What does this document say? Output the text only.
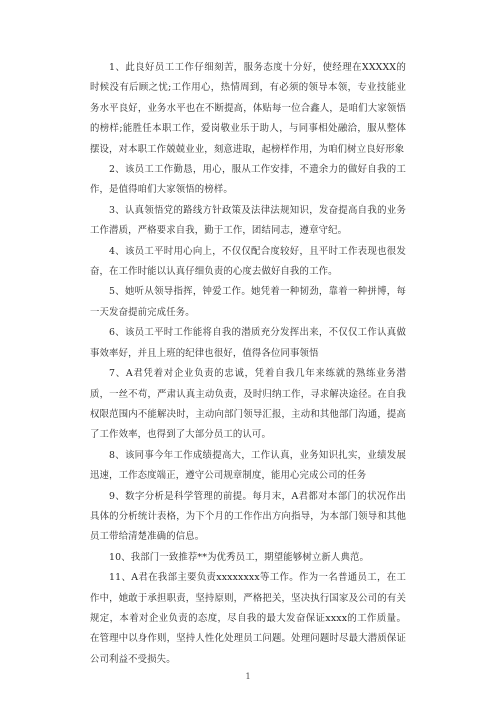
1、此良好员工工作仔细刻苦，服务态度十分好，使经理在XXXXX的时候没有后顾之忧;工作用心，热情周到，有必须的领导本领，专业技能业务水平良好，业务水平也在不断提高，体贴每一位合鑫人，是咱们大家领悟的榜样;能胜任本职工作，爱岗敬业乐于助人，与同事相处融洽，服从整体摆设，对本职工作兢兢业业，刻意进取，起榜样作用，为咱们树立良好形象

2、该员工工作勤恳，用心，服从工作安排，不遗余力的做好自我的工作，是值得咱们大家领悟的榜样。

3、认真领悟党的路线方针政策及法律法规知识，发奋提高自我的业务工作潜质，严格要求自我，勤于工作，团结同志，遵章守纪。

4、该员工平时用心向上，不仅仅配合度较好，且平时工作表现也很发奋，在工作时能以认真仔细负责的心度去做好自我的工作。

5、她听从领导指挥，钟爱工作。她凭着一种韧劲，靠着一种拼博，每一天发奋提前完成任务。

6、该员工平时工作能将自我的潜质充分发挥出来，不仅仅工作认真做事效率好，并且上班的纪律也很好，值得各位同事领悟

7、A君凭着对企业负责的忠诚，凭着自我几年来练就的熟练业务潜质，一丝不苟，严肃认真主动负责，及时归纳工作，寻求解决途径。在自我权限范围内不能解决时，主动向部门领导汇报，主动和其他部门沟通，提高了工作效率，也得到了大部分员工的认可。

8、该同事今年工作成绩提高大，工作认真，业务知识扎实，业绩发展迅速，工作态度端正，遵守公司规章制度，能用心完成公司的任务

9、数字分析是科学管理的前提。每月末，A君都对本部门的状况作出具体的分析统计表格，为下个月的工作作出方向指导，为本部门领导和其他员工带给清楚准确的信息。

10、我部门一致推荐**为优秀员工，期望能够树立新人典范。

11、A君在我部主要负责xxxxxxxx等工作。作为一名普通员工，在工作中，她敢于承担职责，坚持原则，严格把关，坚决执行国家及公司的有关规定，本着对企业负责的态度，尽自我的最大发奋保证xxxx的工作质量。在管理中以身作则，坚持人性化处理员工问题。处理问题时尽最大潜质保证公司利益不受损失。

1
